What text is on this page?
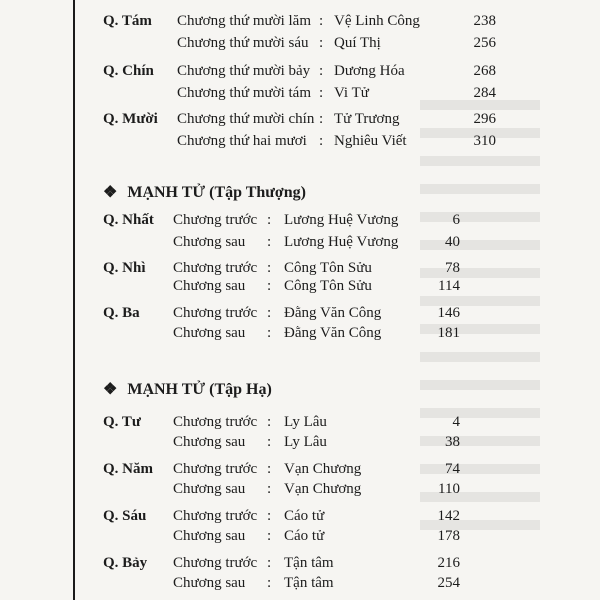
Q. Tám Chương thứ mười lăm : Vệ Linh Công	238
Chương thứ mười sáu : Quí Thị	256
Q. Chín Chương thứ mười bảy : Dương Hóa	268
Chương thứ mười tám : Vi Tử	284
Q. Mười Chương thứ mười chín : Tử Trương	296
Chương thứ hai mươi : Nghiêu Viết	310
❖ MẠNH TỬ (Tập Thượng)
Q. Nhất Chương trước : Lương Huệ Vương	6
Chương sau : Lương Huệ Vương	40
Q. Nhì Chương trước : Công Tôn Sửu	78
Chương sau : Công Tôn Sửu	114
Q. Ba Chương trước : Đằng Văn Công	146
Chương sau : Đằng Văn Công	181
❖ MẠNH TỬ (Tập Hạ)
Q. Tư Chương trước : Ly Lâu	4
Chương sau : Ly Lâu	38
Q. Năm Chương trước : Vạn Chương	74
Chương sau : Vạn Chương	110
Q. Sáu Chương trước : Cáo tử	142
Chương sau : Cáo tử	178
Q. Bảy Chương trước : Tận tâm	216
Chương sau : Tận tâm	254
